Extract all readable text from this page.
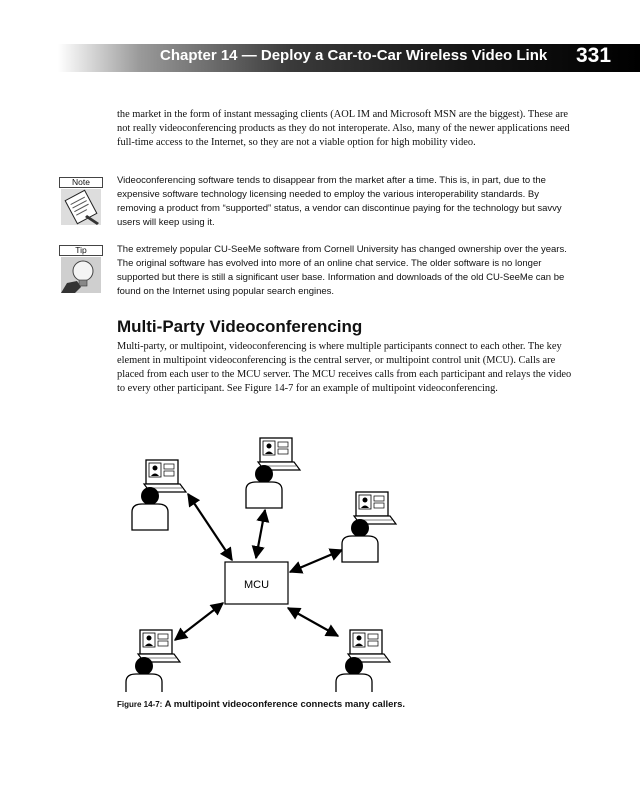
Chapter 14 — Deploy a Car-to-Car Wireless Video Link 331
the market in the form of instant messaging clients (AOL IM and Microsoft MSN are the biggest). These are not really videoconferencing products as they do not interoperate. Also, many of the newer applications need full-time access to the Internet, so they are not a viable option for high mobility video.
Note	Videoconferencing software tends to disappear from the market after a time. This is, in part, due to the expensive software technology licensing needed to employ the various interoperability standards. By removing a product from “supported” status, a vendor can discontinue paying for the technology but savvy users will keep using it.
Tip	The extremely popular CU-SeeMe software from Cornell University has changed ownership over the years. The original software has evolved into more of an online chat service. The older software is no longer supported but there is still a significant user base. Information and downloads of the old CU-SeeMe can be found on the Internet using popular search engines.
Multi-Party Videoconferencing
Multi-party, or multipoint, videoconferencing is where multiple participants connect to each other. The key element in multipoint videoconferencing is the central server, or multipoint control unit (MCU). Calls are placed from each user to the MCU server. The MCU receives calls from each participant and relays the video to every other participant. See Figure 14-7 for an example of multipoint videoconferencing.
MCU
Figure 14-7: A multipoint videoconference connects many callers.
